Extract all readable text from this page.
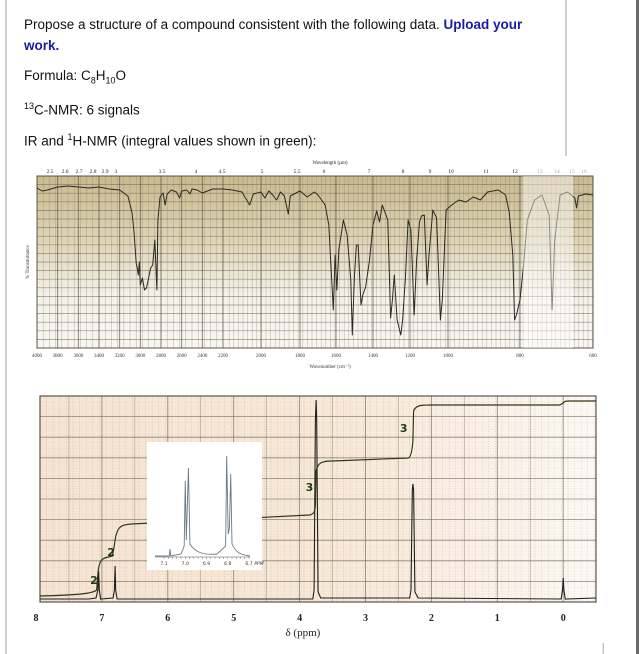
Propose a structure of a compound consistent with the following data. Upload your
work.
Formula: $C_8H_{10}O$
$^{13}$C-NMR: 6 signals
IR and $^1$H-NMR (integral values shown in green):
2.5 2.6 2.7 2.8 2.9 3	3.5	4	4.5	5	5.5	6	7	8	9	10	11	12	13 14 15 16
Wavelength (µm)
4000 3800 3600 3400 3200 3000 2800 2600 2400 2200	2000	1800	1600	1400	1200	1000	800	600
Wavenumber (cm⁻¹)
% Transmittance
8	7	6	5	4	3	2	1	0
δ (ppm)
2
2
3
3
7.1	7.0	6.9	6.8	6.7 PPM
